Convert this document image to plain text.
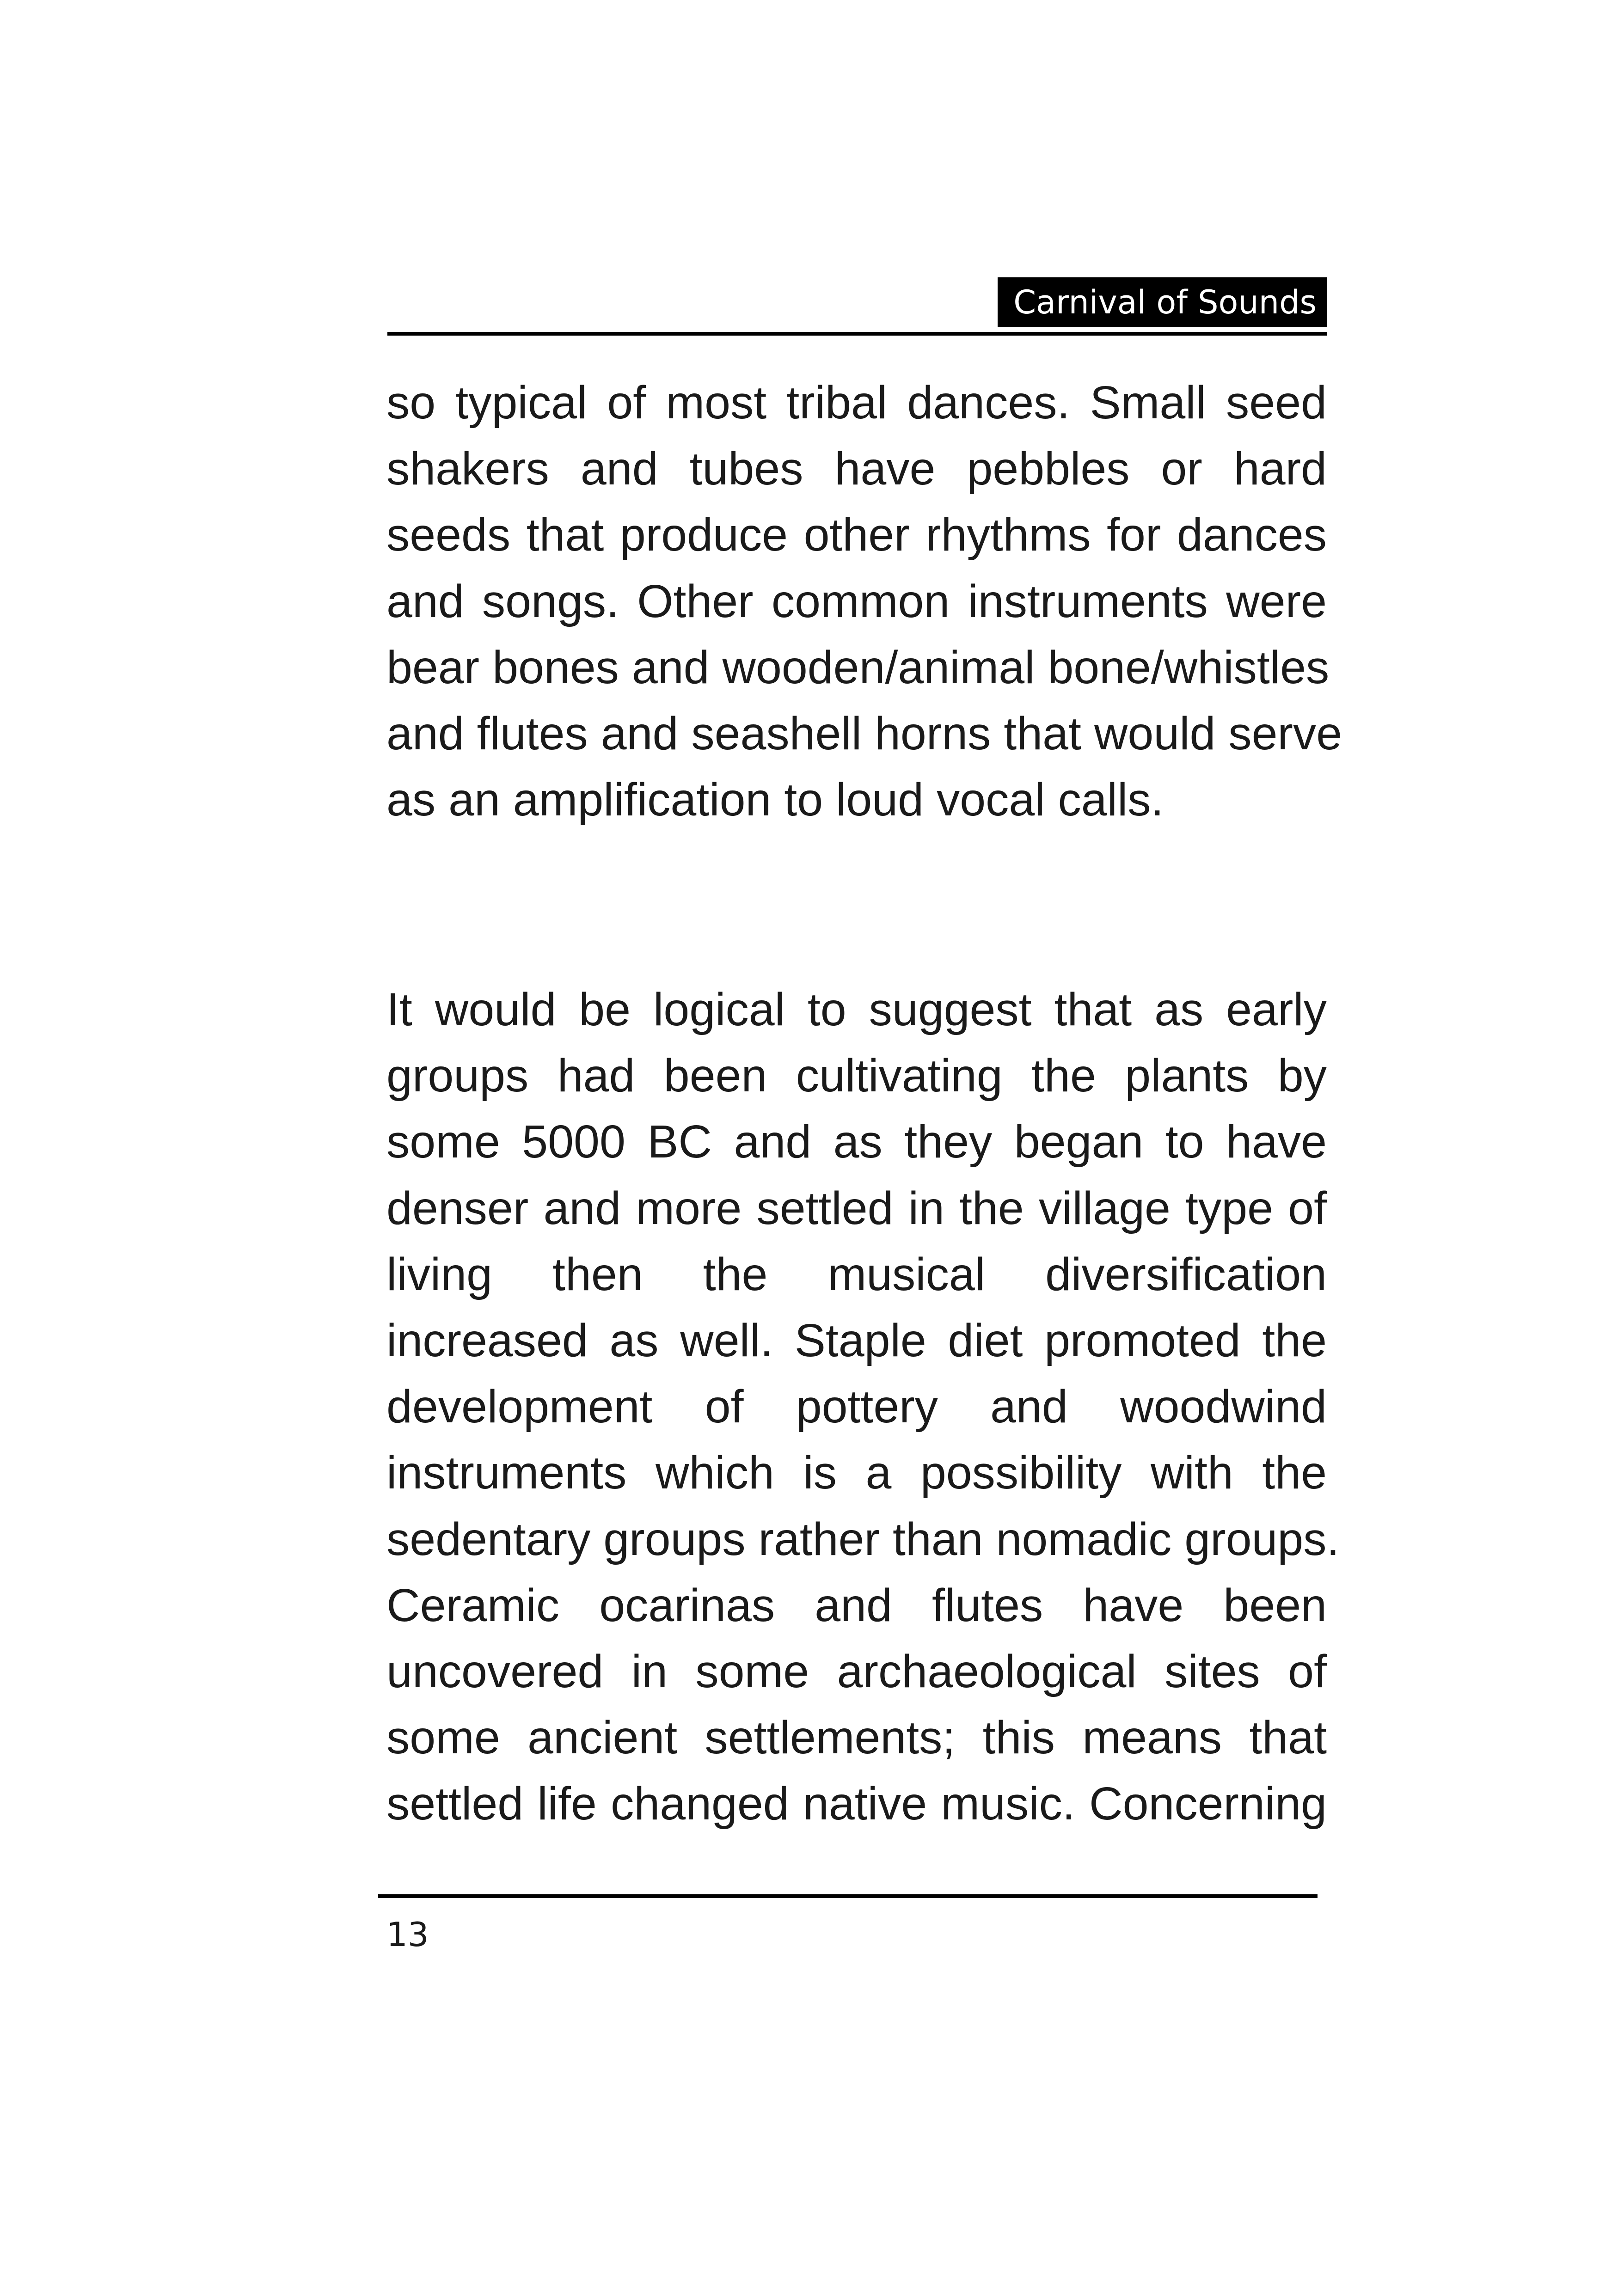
Carnival of Sounds
so typical of most tribal dances. Small seed
shakers and tubes have pebbles or hard
seeds that produce other rhythms for dances
and songs. Other common instruments were
bear bones and wooden/animal bone/whistles
and flutes and seashell horns that would serve
as an amplification to loud vocal calls.
It would be logical to suggest that as early
groups had been cultivating the plants by
some 5000 BC and as they began to have
denser and more settled in the village type of
living then the musical diversification
increased as well. Staple diet promoted the
development of pottery and woodwind
instruments which is a possibility with the
sedentary groups rather than nomadic groups.
Ceramic ocarinas and flutes have been
uncovered in some archaeological sites of
some ancient settlements; this means that
settled life changed native music. Concerning
13
